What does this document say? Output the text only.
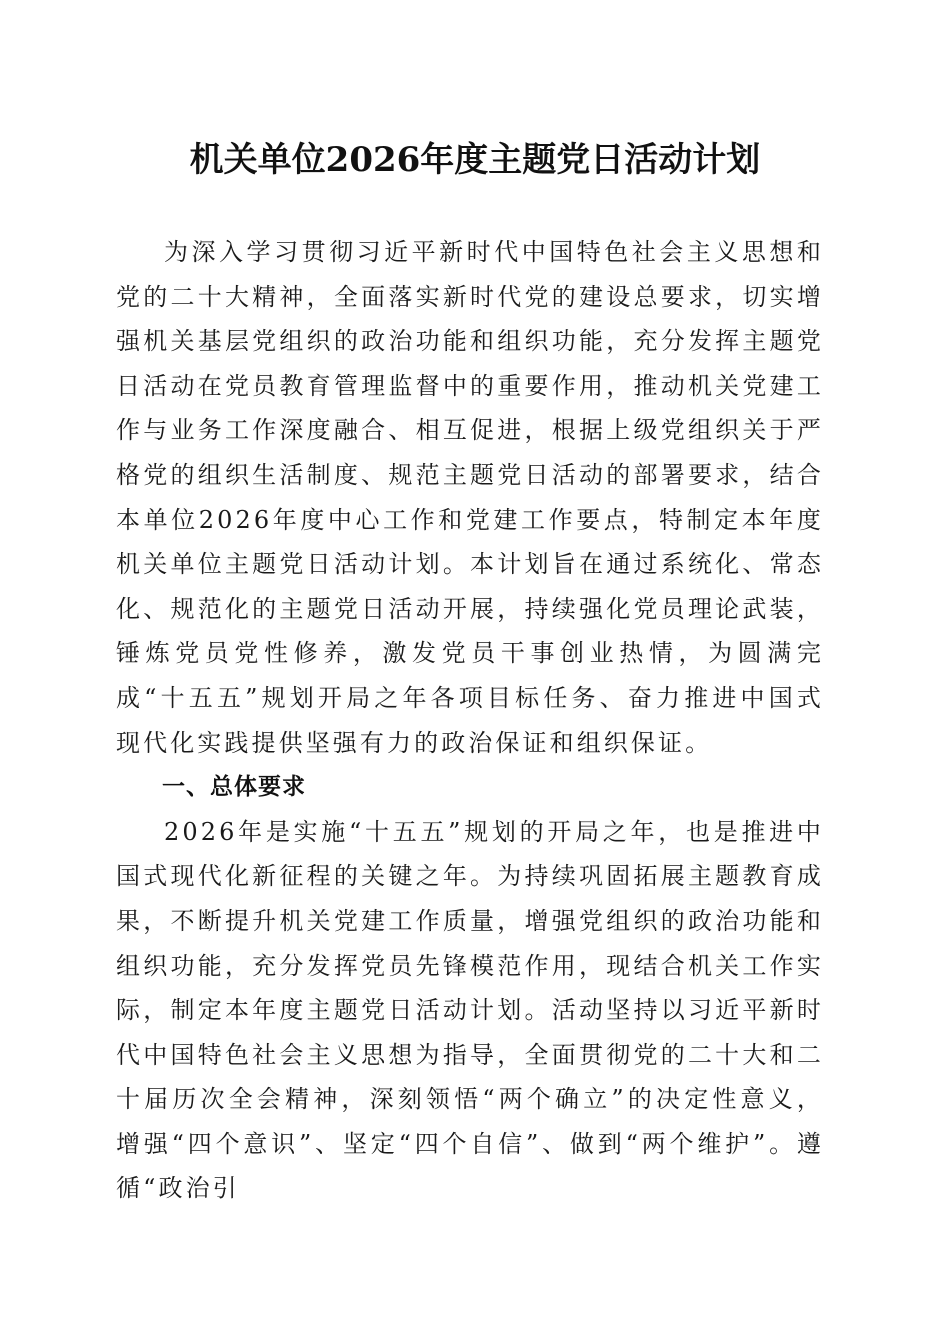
机关单位2026年度主题党日活动计划

为深入学习贯彻习近平新时代中国特色社会主义思想和党的二十大精神，全面落实新时代党的建设总要求，切实增强机关基层党组织的政治功能和组织功能，充分发挥主题党日活动在党员教育管理监督中的重要作用，推动机关党建工作与业务工作深度融合、相互促进，根据上级党组织关于严格党的组织生活制度、规范主题党日活动的部署要求，结合本单位2026年度中心工作和党建工作要点，特制定本年度机关单位主题党日活动计划。本计划旨在通过系统化、常态化、规范化的主题党日活动开展，持续强化党员理论武装，锤炼党员党性修养，激发党员干事创业热情，为圆满完成“十五五”规划开局之年各项目标任务、奋力推进中国式现代化实践提供坚强有力的政治保证和组织保证。

一、总体要求

2026年是实施“十五五”规划的开局之年，也是推进中国式现代化新征程的关键之年。为持续巩固拓展主题教育成果，不断提升机关党建工作质量，增强党组织的政治功能和组织功能，充分发挥党员先锋模范作用，现结合机关工作实际，制定本年度主题党日活动计划。活动坚持以习近平新时代中国特色社会主义思想为指导，全面贯彻党的二十大和二十届历次全会精神，深刻领悟“两个确立”的决定性意义，增强“四个意识”、坚定“四个自信”、做到“两个维护”。遵循“政治引
